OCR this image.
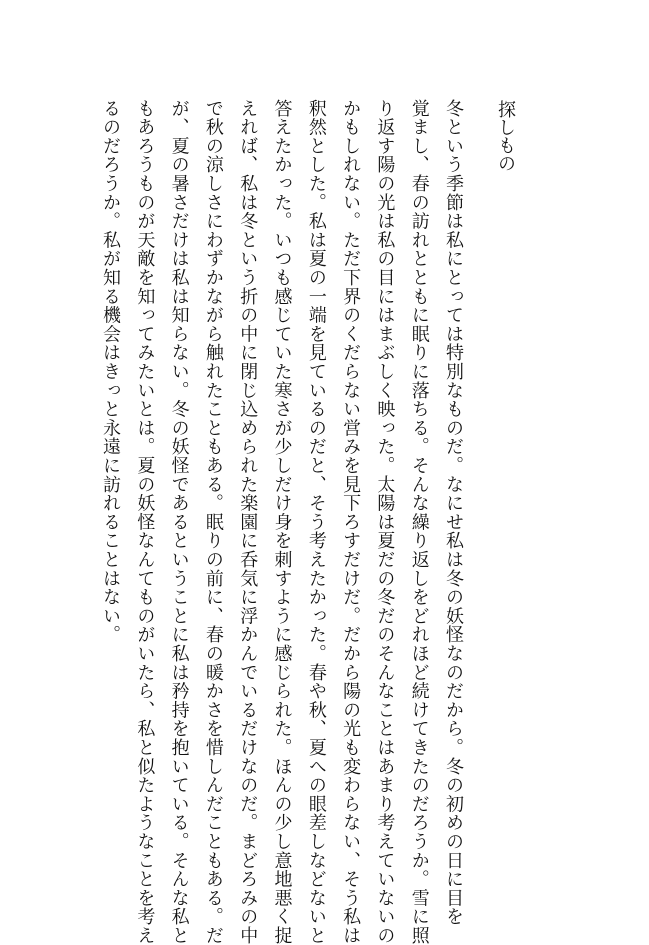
探しもの

冬という季節は私にとっては特別なものだ。なにせ私は冬の妖怪なのだから。冬の初めの日に目を

覚まし、春の訪れとともに眠りに落ちる。そんな繰り返しをどれほど続けてきたのだろうか。雪に照

り返す陽の光は私の目にはまぶしく映った。太陽は夏だの冬だのそんなことはあまり考えていないの

かもしれない。ただ下界のくだらない営みを見下ろすだけだ。だから陽の光も変わらない、そう私は

釈然とした。私は夏の一端を見ているのだと、そう考えたかった。春や秋、夏への眼差しなどないと

答えたかった。いつも感じていた寒さが少しだけ身を刺すように感じられた。ほんの少し意地悪く捉

えれば、私は冬という折の中に閉じ込められた楽園に呑気に浮かんでいるだけなのだ。まどろみの中

で秋の涼しさにわずかながら触れたこともある。眠りの前に、春の暖かさを惜しんだこともある。だ

が、夏の暑さだけは私は知らない。冬の妖怪であるということに私は矜持を抱いている。そんな私と

もあろうものが天敵を知ってみたいとは。夏の妖怪なんてものがいたら、私と似たようなことを考え

るのだろうか。私が知る機会はきっと永遠に訪れることはない。
